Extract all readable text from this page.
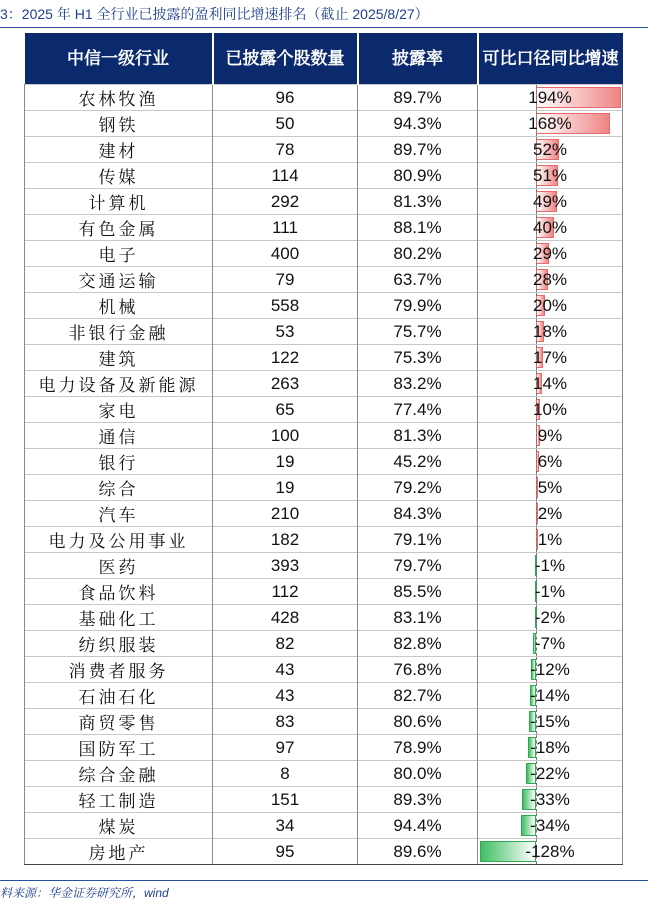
3：2025 年 H1 全行业已披露的盈利同比增速排名（截止 2025/8/27）
中信一级行业	已披露个股数量	披露率	可比口径同比增速
农林牧渔	96	89.7%	194%
钢铁	50	94.3%	168%
建材	78	89.7%	52%
传媒	114	80.9%	51%
计算机	292	81.3%	49%
有色金属	111	88.1%	40%
电子	400	80.2%	29%
交通运输	79	63.7%	28%
机械	558	79.9%	20%
非银行金融	53	75.7%	18%
建筑	122	75.3%	17%
电力设备及新能源	263	83.2%	14%
家电	65	77.4%	10%
通信	100	81.3%	9%
银行	19	45.2%	6%
综合	19	79.2%	5%
汽车	210	84.3%	2%
电力及公用事业	182	79.1%	1%
医药	393	79.7%	-1%
食品饮料	112	85.5%	-1%
基础化工	428	83.1%	-2%
纺织服装	82	82.8%	-7%
消费者服务	43	76.8%	-12%
石油石化	43	82.7%	-14%
商贸零售	83	80.6%	-15%
国防军工	97	78.9%	-18%
综合金融	8	80.0%	-22%
轻工制造	151	89.3%	-33%
煤炭	34	94.4%	-34%
房地产	95	89.6%	-128%
料来源：华金证券研究所，wind
